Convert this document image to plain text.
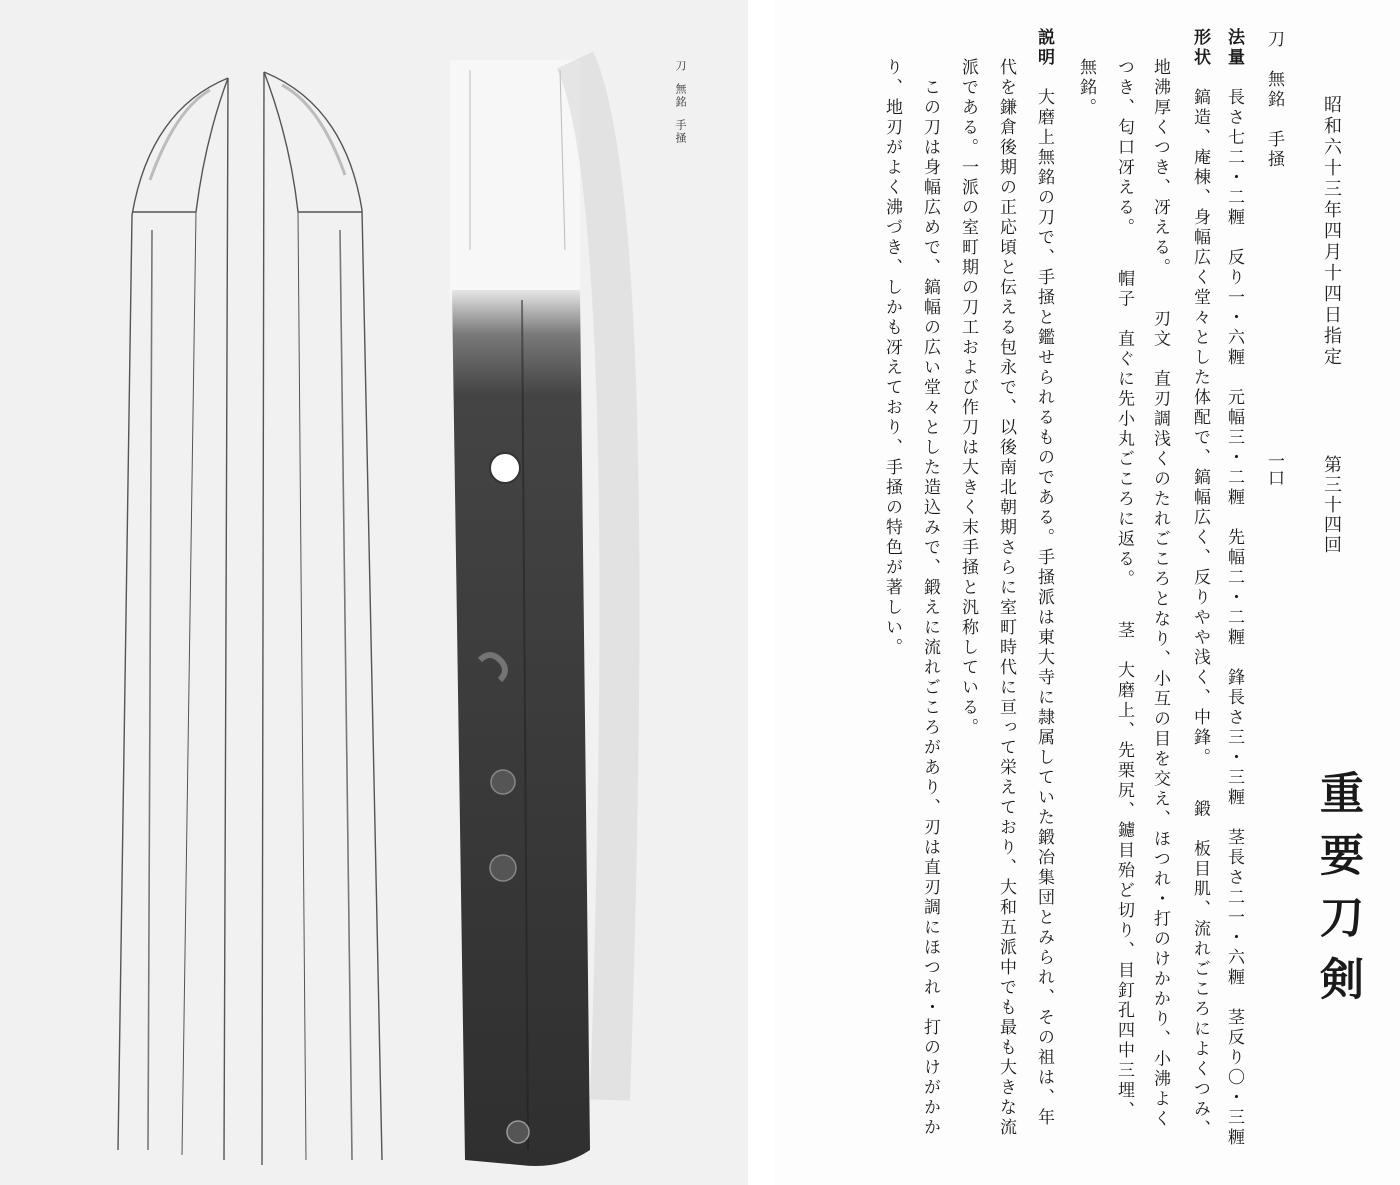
刀無銘手掻	昭和六十三年四月十四日指定
第三十四回
重要刀剣
刀　無銘　手掻
一口
法量　長さ七二・二糎　反り一・六糎　元幅三・二糎　先幅二・二糎　鋒長さ三・三糎　茎長さ二一・六糎　茎反り〇・三糎
形状　鎬造、庵棟、身幅広く堂々とした体配で、鎬幅広く、反りやや浅く、中鋒。　　鍛　板目肌、流れごころによくつみ、
地沸厚くつき、冴える。　　刃文　直刃調浅くのたれごころとなり、小互の目を交え、ほつれ・打のけかかり、小沸よく
つき、匂口冴える。　　帽子　直ぐに先小丸ごころに返る。　　茎　大磨上、先栗尻、鑢目殆ど切り、目釘孔四中三埋、
無銘。
説明　大磨上無銘の刀で、手掻と鑑せられるものである。手掻派は東大寺に隷属していた鍛冶集団とみられ、その祖は、年
代を鎌倉後期の正応頃と伝える包永で、以後南北朝期さらに室町時代に亘って栄えており、大和五派中でも最も大きな流
派である。一派の室町期の刀工および作刀は大きく末手掻と汎称している。
　この刀は身幅広めで、鎬幅の広い堂々とした造込みで、鍛えに流れごころがあり、刃は直刃調にほつれ・打のけがかか
り、地刃がよく沸づき、しかも冴えており、手掻の特色が著しい。
